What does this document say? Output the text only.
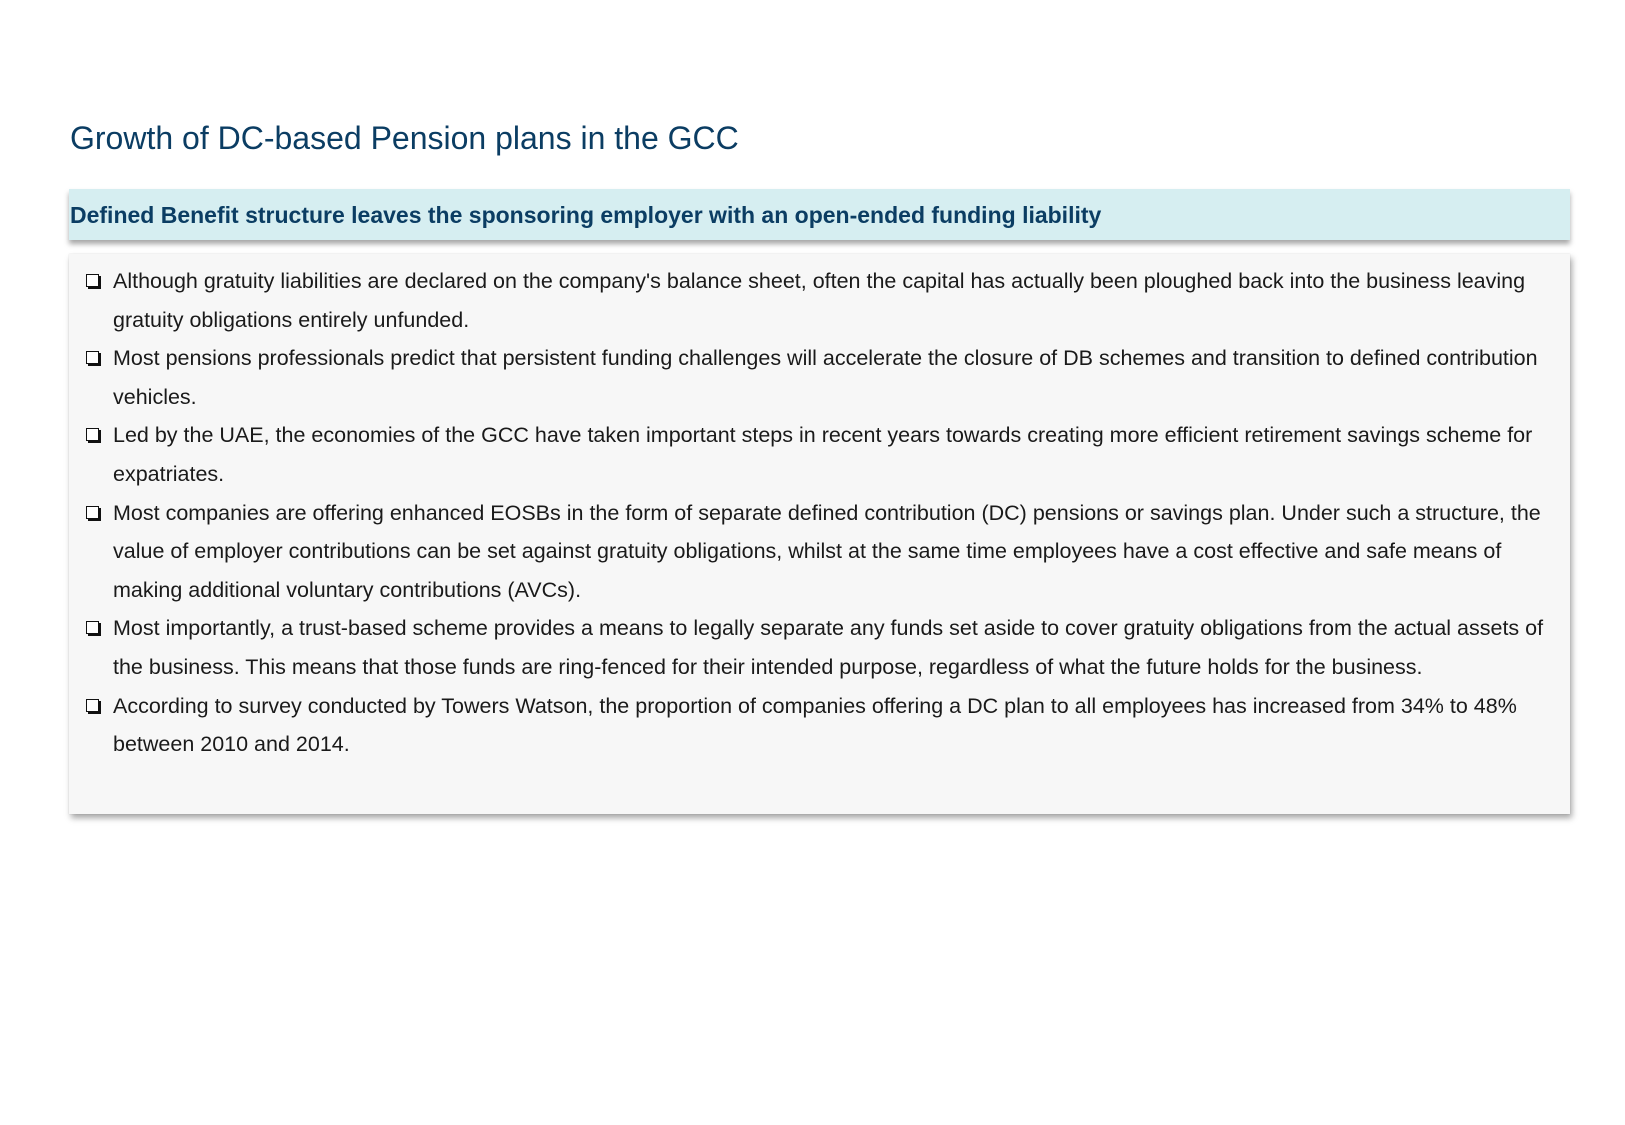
Growth of DC-based Pension plans in the GCC

Defined Benefit structure leaves the sponsoring employer with an open-ended funding liability

Although gratuity liabilities are declared on the company's balance sheet, often the capital has actually been ploughed back into the business leaving gratuity obligations entirely unfunded.
Most pensions professionals predict that persistent funding challenges will accelerate the closure of DB schemes and transition to defined contribution vehicles.
Led by the UAE, the economies of the GCC have taken important steps in recent years towards creating more efficient retirement savings scheme for expatriates.
Most companies are offering enhanced EOSBs in the form of separate defined contribution (DC) pensions or savings plan. Under such a structure, the value of employer contributions can be set against gratuity obligations, whilst at the same time employees have a cost effective and safe means of making additional voluntary contributions (AVCs).
Most importantly, a trust-based scheme provides a means to legally separate any funds set aside to cover gratuity obligations from the actual assets of the business. This means that those funds are ring-fenced for their intended purpose, regardless of what the future holds for the business.
According to survey conducted by Towers Watson, the proportion of companies offering a DC plan to all employees has increased from 34% to 48% between 2010 and 2014.
